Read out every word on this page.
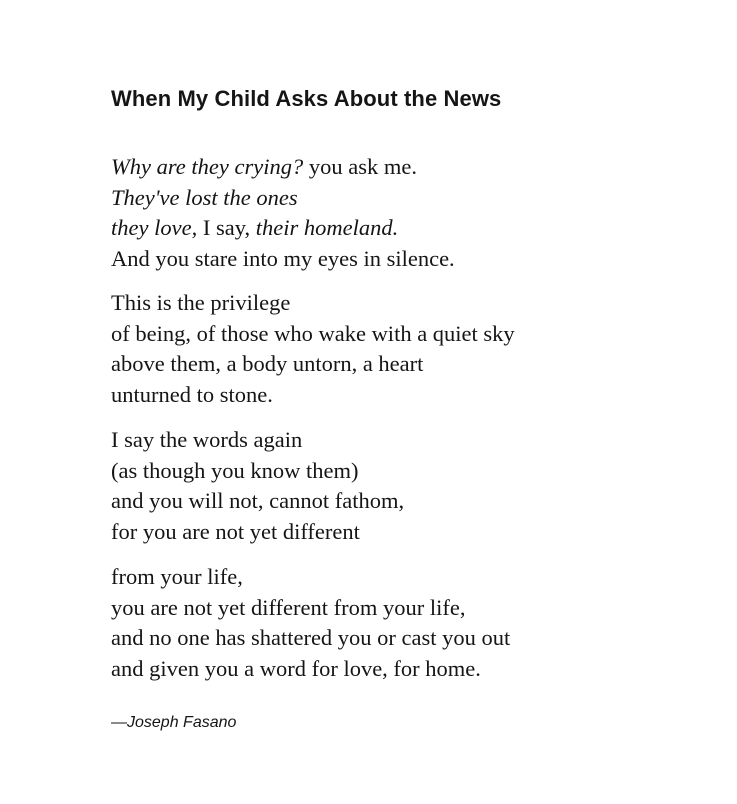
When My Child Asks About the News
Why are they crying? you ask me.
They've lost the ones
they love, I say, their homeland.
And you stare into my eyes in silence.
This is the privilege
of being, of those who wake with a quiet sky
above them, a body untorn, a heart
unturned to stone.
I say the words again
(as though you know them)
and you will not, cannot fathom,
for you are not yet different
from your life,
you are not yet different from your life,
and no one has shattered you or cast you out
and given you a word for love, for home.
—Joseph Fasano
